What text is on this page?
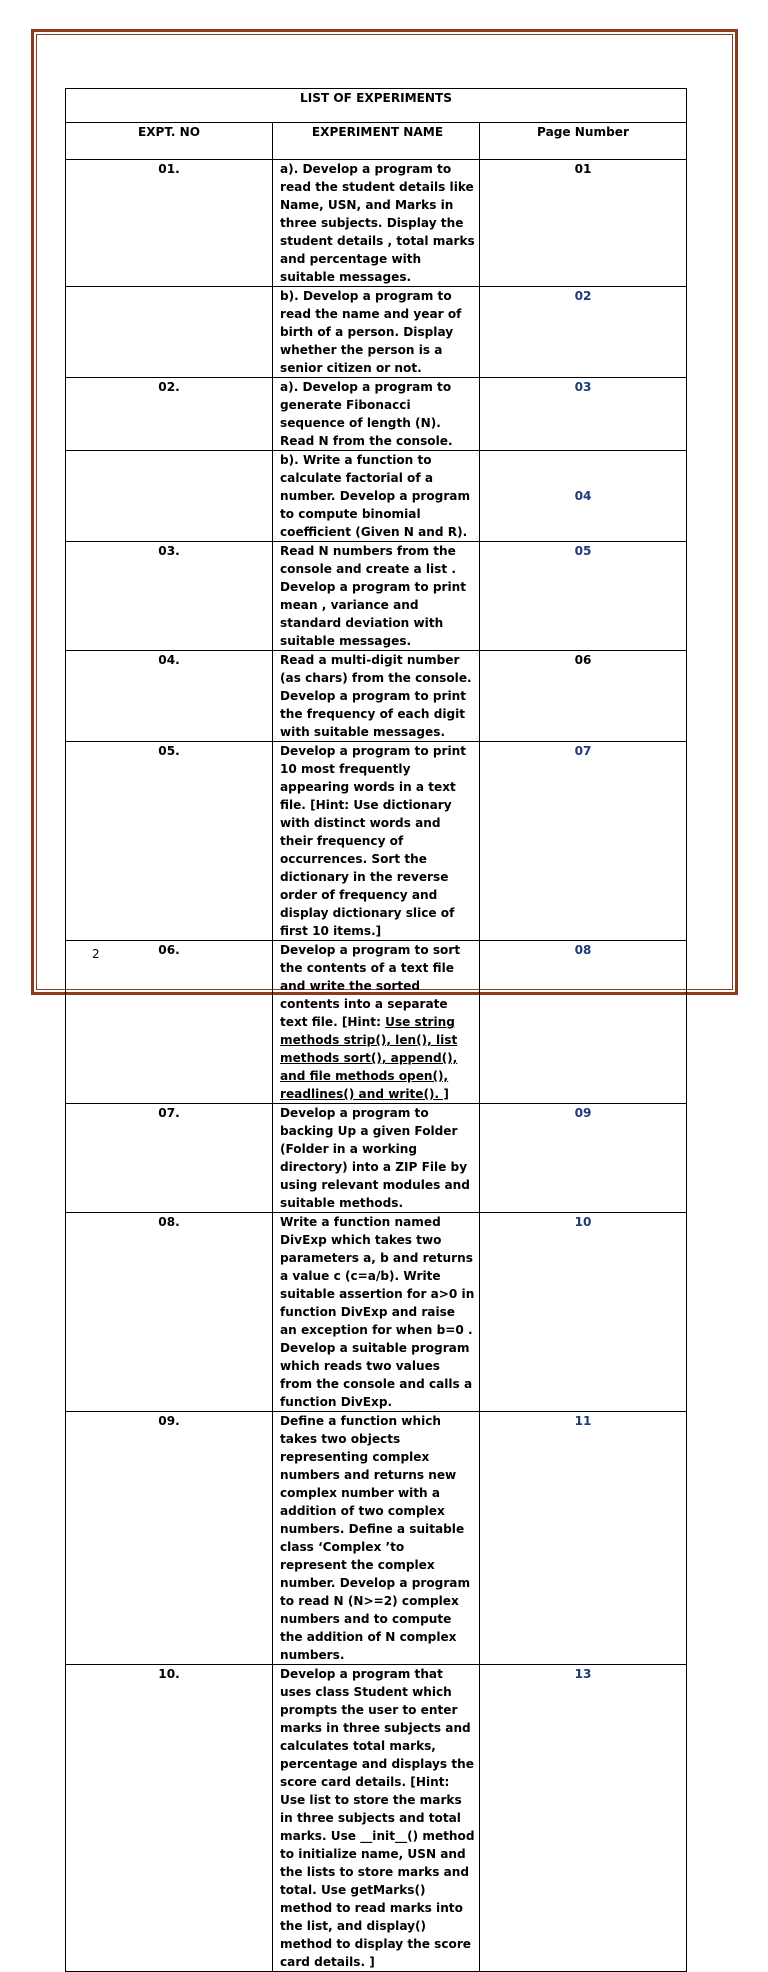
LIST OF EXPERIMENTS		
EXPT. NO	EXPERIMENT NAME	Page Number
01.	a). Develop a program to read the student details like Name, USN, and Marks in three subjects. Display the student details , total marks and percentage with suitable messages.	01
	b). Develop a program to read the name and year of birth of a person. Display whether the person is a senior citizen or not.	02
02.	a). Develop a program to generate Fibonacci sequence of length (N). Read N from the console.	03
	b). Write a function to calculate factorial of a number. Develop a program to compute binomial coefficient (Given N and R).	04
03.	Read N numbers from the console and create a list . Develop a program to print mean , variance and standard deviation with suitable messages.	05
04.	Read a multi-digit number (as chars) from the console. Develop a program to print the frequency of each digit with suitable messages.	06
05.	Develop a program to print 10 most frequently appearing words in a text file. [Hint: Use dictionary with distinct words and their frequency of occurrences. Sort the dictionary in the reverse order of frequency and display dictionary slice of first 10 items.]	07
06.	Develop a program to sort the contents of a text file and write the sorted contents into a separate text file. [Hint: Use string methods strip(), len(), list methods sort(), append(), and file methods open(), readlines() and write(). ]	08
07.	Develop a program to backing Up a given Folder (Folder in a working directory) into a ZIP File by using relevant modules and suitable methods.	09
08.	Write a function named DivExp which takes two parameters a, b and returns a value c (c=a/b). Write suitable assertion for a>0 in function DivExp and raise an exception for when b=0 . Develop a suitable program which reads two values from the console and calls a function DivExp.	10
09.	Define a function which takes two objects representing complex numbers and returns new complex number with a addition of two complex numbers. Define a suitable class ‘Complex ’to represent the complex number. Develop a program to read N (N>=2) complex numbers and to compute the addition of N complex numbers.	11
10.	Develop a program that uses class Student which prompts the user to enter marks in three subjects and calculates total marks, percentage and displays the score card details. [Hint: Use list to store the marks in three subjects and total marks. Use __init__() method to initialize name, USN and the lists to store marks and total. Use getMarks() method to read marks into the list, and display() method to display the score card details. ]	13
2
